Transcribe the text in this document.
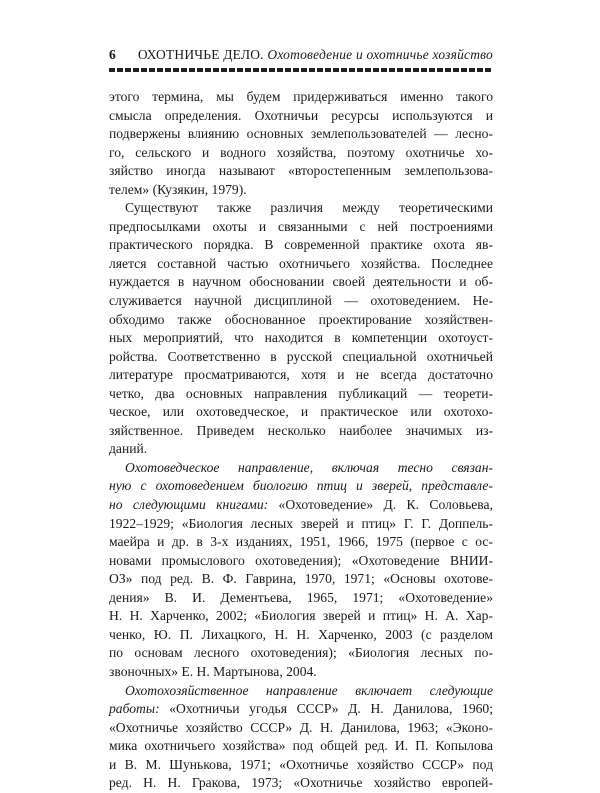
6 ОХОТНИЧЬЕ ДЕЛО. Охотоведение и охотничье хозяйство
этого термина, мы будем придерживаться именно такого
смысла определения. Охотничьи ресурсы используются и
подвержены влиянию основных землепользователей — лесно-
го, сельского и водного хозяйства, поэтому охотничье хо-
зяйство иногда называют «второстепенным землепользова-
телем» (Кузякин, 1979).
Существуют также различия между теоретическими
предпосылками охоты и связанными с ней построениями
практического порядка. В современной практике охота яв-
ляется составной частью охотничьего хозяйства. Последнее
нуждается в научном обосновании своей деятельности и об-
служивается научной дисциплиной — охотоведением. Не-
обходимо также обоснованное проектирование хозяйствен-
ных мероприятий, что находится в компетенции охотоуст-
ройства. Соответственно в русской специальной охотничьей
литературе просматриваются, хотя и не всегда достаточно
четко, два основных направления публикаций — теорети-
ческое, или охотоведческое, и практическое или охотохо-
зяйственное. Приведем несколько наиболее значимых из-
даний.
Охотоведческое направление, включая тесно связан-
ную с охотоведением биологию птиц и зверей, представле-
но следующими книгами: «Охотоведение» Д. К. Соловьева,
1922–1929; «Биология лесных зверей и птиц» Г. Г. Доппель-
маейра и др. в 3-х изданиях, 1951, 1966, 1975 (первое с ос-
новами промыслового охотоведения); «Охотоведение ВНИИ-
ОЗ» под ред. В. Ф. Гаврина, 1970, 1971; «Основы охотове-
дения» В. И. Дементьева, 1965, 1971; «Охотоведение»
Н. Н. Харченко, 2002; «Биология зверей и птиц» Н. А. Хар-
ченко, Ю. П. Лихацкого, Н. Н. Харченко, 2003 (с разделом
по основам лесного охотоведения); «Биология лесных по-
звоночных» Е. Н. Мартынова, 2004.
Охотохозяйственное направление включает следующие
работы: «Охотничьи угодья СССР» Д. Н. Данилова, 1960;
«Охотничье хозяйство СССР» Д. Н. Данилова, 1963; «Эконо-
мика охотничьего хозяйства» под общей ред. И. П. Копылова
и В. М. Шунькова, 1971; «Охотничье хозяйство СССР» под
ред. Н. Н. Гракова, 1973; «Охотничье хозяйство европей-
